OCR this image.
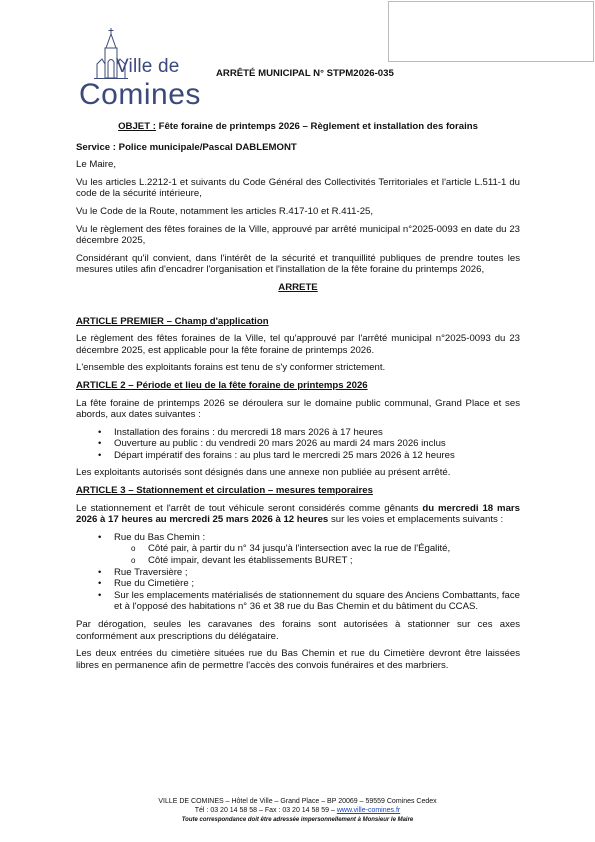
Ville de
Comines
ARRÊTÉ MUNICIPAL N° STPM2026-035

OBJET : Fête foraine de printemps 2026 – Règlement et installation des forains

Service : Police municipale/Pascal DABLEMONT

Le Maire,

Vu les articles L.2212-1 et suivants du Code Général des Collectivités Territoriales et l'article L.511-1 du code de la sécurité intérieure,

Vu le Code de la Route, notamment les articles R.417-10 et R.411-25,

Vu le règlement des fêtes foraines de la Ville, approuvé par arrêté municipal n°2025-0093 en date du 23 décembre 2025,

Considérant qu'il convient, dans l'intérêt de la sécurité et tranquillité publiques de prendre toutes les mesures utiles afin d'encadrer l'organisation et l'installation de la fête foraine du printemps 2026,

ARRETE

ARTICLE PREMIER – Champ d'application

Le règlement des fêtes foraines de la Ville, tel qu'approuvé par l'arrêté municipal n°2025-0093 du 23 décembre 2025, est applicable pour la fête foraine de printemps 2026.

L'ensemble des exploitants forains est tenu de s'y conformer strictement.

ARTICLE 2 – Période et lieu de la fête foraine de printemps 2026

La fête foraine de printemps 2026 se déroulera sur le domaine public communal, Grand Place et ses abords, aux dates suivantes :

• Installation des forains : du mercredi 18 mars 2026 à 17 heures
• Ouverture au public : du vendredi 20 mars 2026 au mardi 24 mars 2026 inclus
• Départ impératif des forains : au plus tard le mercredi 25 mars 2026 à 12 heures

Les exploitants autorisés sont désignés dans une annexe non publiée au présent arrêté.

ARTICLE 3 – Stationnement et circulation – mesures temporaires

Le stationnement et l'arrêt de tout véhicule seront considérés comme gênants du mercredi 18 mars 2026 à 17 heures au mercredi 25 mars 2026 à 12 heures sur les voies et emplacements suivants :

• Rue du Bas Chemin :
o Côté pair, à partir du n° 34 jusqu'à l'intersection avec la rue de l'Égalité,
o Côté impair, devant les établissements BURET ;
• Rue Traversière ;
• Rue du Cimetière ;
• Sur les emplacements matérialisés de stationnement du square des Anciens Combattants, face et à l'opposé des habitations n° 36 et 38 rue du Bas Chemin et du bâtiment du CCAS.

Par dérogation, seules les caravanes des forains sont autorisées à stationner sur ces axes conformément aux prescriptions du délégataire.

Les deux entrées du cimetière situées rue du Bas Chemin et rue du Cimetière devront être laissées libres en permanence afin de permettre l'accès des convois funéraires et des marbriers.

VILLE DE COMINES – Hôtel de Ville – Grand Place – BP 20069 – 59559 Comines Cedex
Tél : 03 20 14 58 58 – Fax : 03 20 14 58 59 – www.ville-comines.fr
Toute correspondance doit être adressée impersonnellement à Monsieur le Maire
